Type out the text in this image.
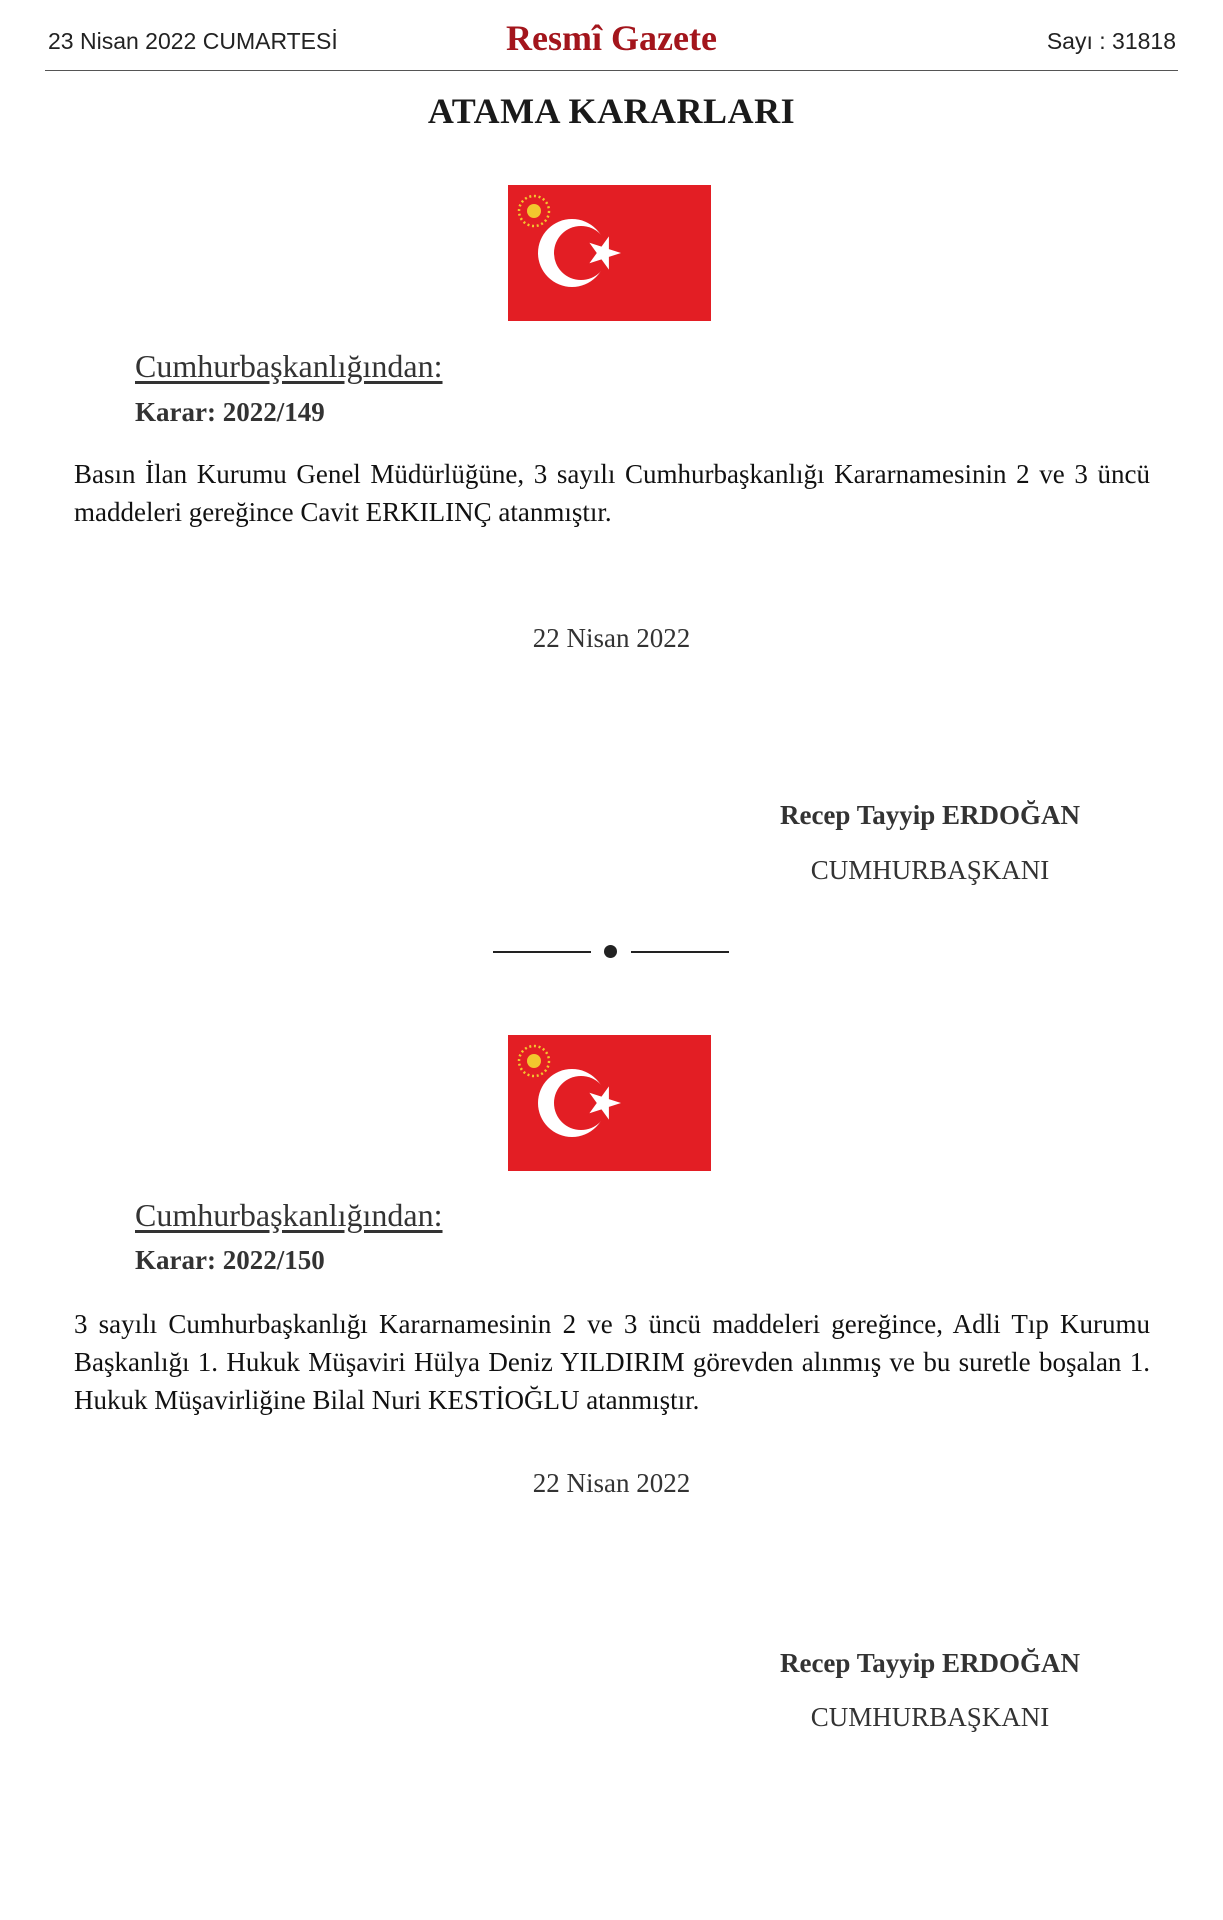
23 Nisan 2022 CUMARTESİ	Resmî Gazete	Sayı : 31818
ATAMA KARARLARI
Cumhurbaşkanlığından:
Karar: 2022/149
Basın İlan Kurumu Genel Müdürlüğüne, 3 sayılı Cumhurbaşkanlığı Kararnamesinin 2 ve 3 üncü maddeleri gereğince Cavit ERKILINÇ atanmıştır.
22 Nisan 2022
Recep Tayyip ERDOĞAN
CUMHURBAŞKANI
Cumhurbaşkanlığından:
Karar: 2022/150
3 sayılı Cumhurbaşkanlığı Kararnamesinin 2 ve 3 üncü maddeleri gereğince, Adli Tıp Kurumu Başkanlığı 1. Hukuk Müşaviri Hülya Deniz YILDIRIM görevden alınmış ve bu suretle boşalan 1. Hukuk Müşavirliğine Bilal Nuri KESTİOĞLU atanmıştır.
22 Nisan 2022
Recep Tayyip ERDOĞAN
CUMHURBAŞKANI
